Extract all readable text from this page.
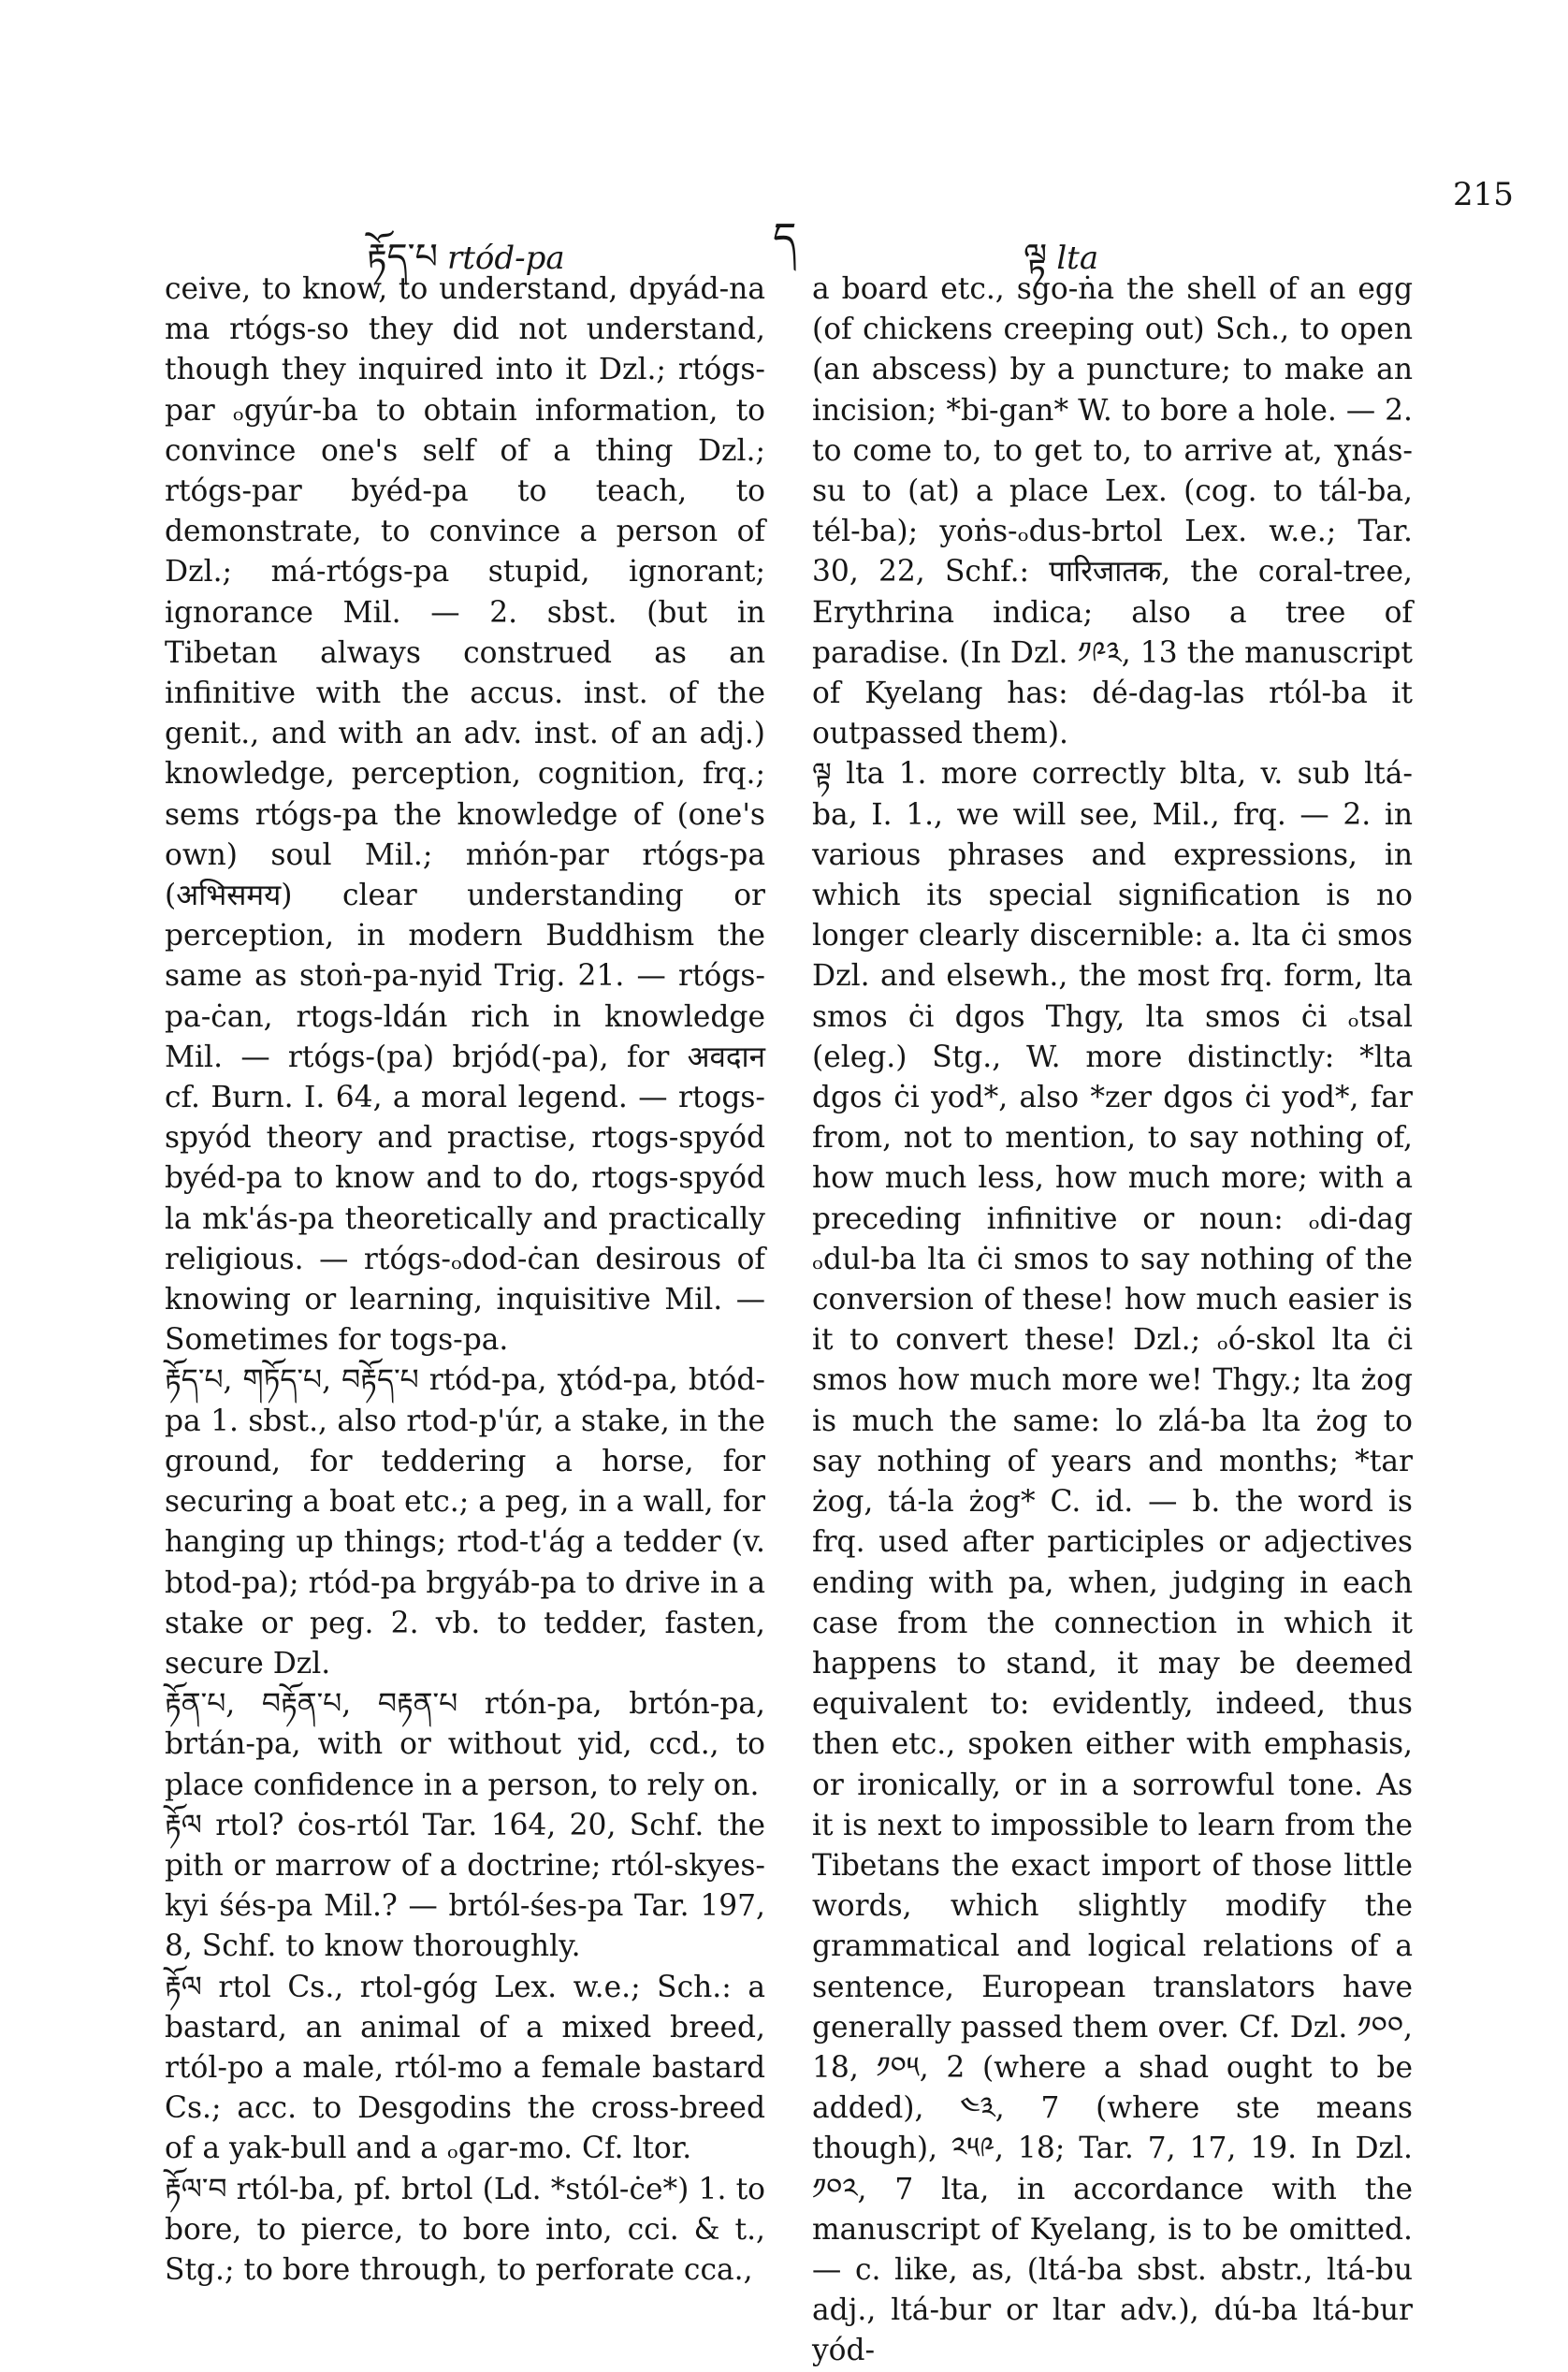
215
རྟོད་པ rtód-pa	ད	ལྟ lta

ceive, to know, to understand, dpyád-na ma rtógs-so they did not understand, though they inquired into it Dzl.; rtógs-par ₒgyúr-ba to obtain information, to convince one's self of a thing Dzl.; rtógs-par byéd-pa to teach, to demonstrate, to convince a person of Dzl.; má-rtógs-pa stupid, ignorant; ignorance Mil. — 2. sbst. (but in Tibetan always construed as an infinitive with the accus. inst. of the genit., and with an adv. inst. of an adj.) knowledge, perception, cognition, frq.; sems rtógs-pa the knowledge of (one's own) soul Mil.; mṅón-par rtógs-pa (अभिसमय) clear understanding or perception, in modern Buddhism the same as stoṅ-pa-nyid Trig. 21. — rtógs-pa-ċan, rtogs-ldán rich in knowledge Mil. — rtógs-(pa) brjód(-pa), for अवदान cf. Burn. I. 64, a moral legend. — rtogs-spyód theory and practise, rtogs-spyód byéd-pa to know and to do, rtogs-spyód la mk'ás-pa theoretically and practically religious. — rtógs-ₒdod-ċan desirous of knowing or learning, inquisitive Mil. — Sometimes for togs-pa.

རྟོད་པ, གཏོད་པ, བརྟོད་པ rtód-pa, ɣtód-pa, btód-pa 1. sbst., also rtod-p'úr, a stake, in the ground, for teddering a horse, for securing a boat etc.; a peg, in a wall, for hanging up things; rtod-t'ág a tedder (v. btod-pa); rtód-pa brgyáb-pa to drive in a stake or peg. 2. vb. to tedder, fasten, secure Dzl.

རྟོན་པ, བརྟོན་པ, བརྟན་པ rtón-pa, brtón-pa, brtán-pa, with or without yid, ccd., to place confidence in a person, to rely on.

རྟོལ rtol? ċos-rtól Tar. 164, 20, Schf. the pith or marrow of a doctrine; rtól-skyes-kyi śés-pa Mil.? — brtól-śes-pa Tar. 197, 8, Schf. to know thoroughly.

རྟོལ rtol Cs., rtol-góg Lex. w.e.; Sch.: a bastard, an animal of a mixed breed, rtól-po a male, rtól-mo a female bastard Cs.; acc. to Desgodins the cross-breed of a yak-bull and a ₒgar-mo. Cf. ltor.

རྟོལ་བ rtól-ba, pf. brtol (Ld. *stól-ċe*) 1. to bore, to pierce, to bore into, cci. & t., Stg.; to bore through, to perforate cca.,

a board etc., sgo-ṅa the shell of an egg (of chickens creeping out) Sch., to open (an abscess) by a puncture; to make an incision; *bi-gan* W. to bore a hole. — 2. to come to, to get to, to arrive at, ɣnás-su to (at) a place Lex. (cog. to tál-ba, tél-ba); yoṅs-ₒdus-brtol Lex. w.e.; Tar. 30, 22, Schf.: पारिजातक, the coral-tree, Erythrina indica; also a tree of paradise. (In Dzl. ༡༩༣, 13 the manuscript of Kyelang has: dé-dag-las rtól-ba it outpassed them).

ལྟ lta 1. more correctly blta, v. sub ltá-ba, I. 1., we will see, Mil., frq. — 2. in various phrases and expressions, in which its special signification is no longer clearly discernible: a. lta ċi smos Dzl. and elsewh., the most frq. form, lta smos ċi dgos Thgy, lta smos ċi ₒtsal (eleg.) Stg., W. more distinctly: *lta dgos ċi yod*, also *zer dgos ċi yod*, far from, not to mention, to say nothing of, how much less, how much more; with a preceding infinitive or noun: ₒdi-dag ₒdul-ba lta ċi smos to say nothing of the conversion of these! how much easier is it to convert these! Dzl.; ₒó-skol lta ċi smos how much more we! Thgy.; lta żog is much the same: lo zlá-ba lta żog to say nothing of years and months; *tar żog, tá-la żog* C. id. — b. the word is frq. used after participles or adjectives ending with pa, when, judging in each case from the connection in which it happens to stand, it may be deemed equivalent to: evidently, indeed, thus then etc., spoken either with emphasis, or ironically, or in a sorrowful tone. As it is next to impossible to learn from the Tibetans the exact import of those little words, which slightly modify the grammatical and logical relations of a sentence, European translators have generally passed them over. Cf. Dzl. ༡༠༠, 18, ༡༠༥, 2 (where a shad ought to be added), ༤༣, 7 (where ste means though), ༢༥༩, 18; Tar. 7, 17, 19. In Dzl. ༡༠༢, 7 lta, in accordance with the manuscript of Kyelang, is to be omitted. — c. like, as, (ltá-ba sbst. abstr., ltá-bu adj., ltá-bur or ltar adv.), dú-ba ltá-bur yód-
